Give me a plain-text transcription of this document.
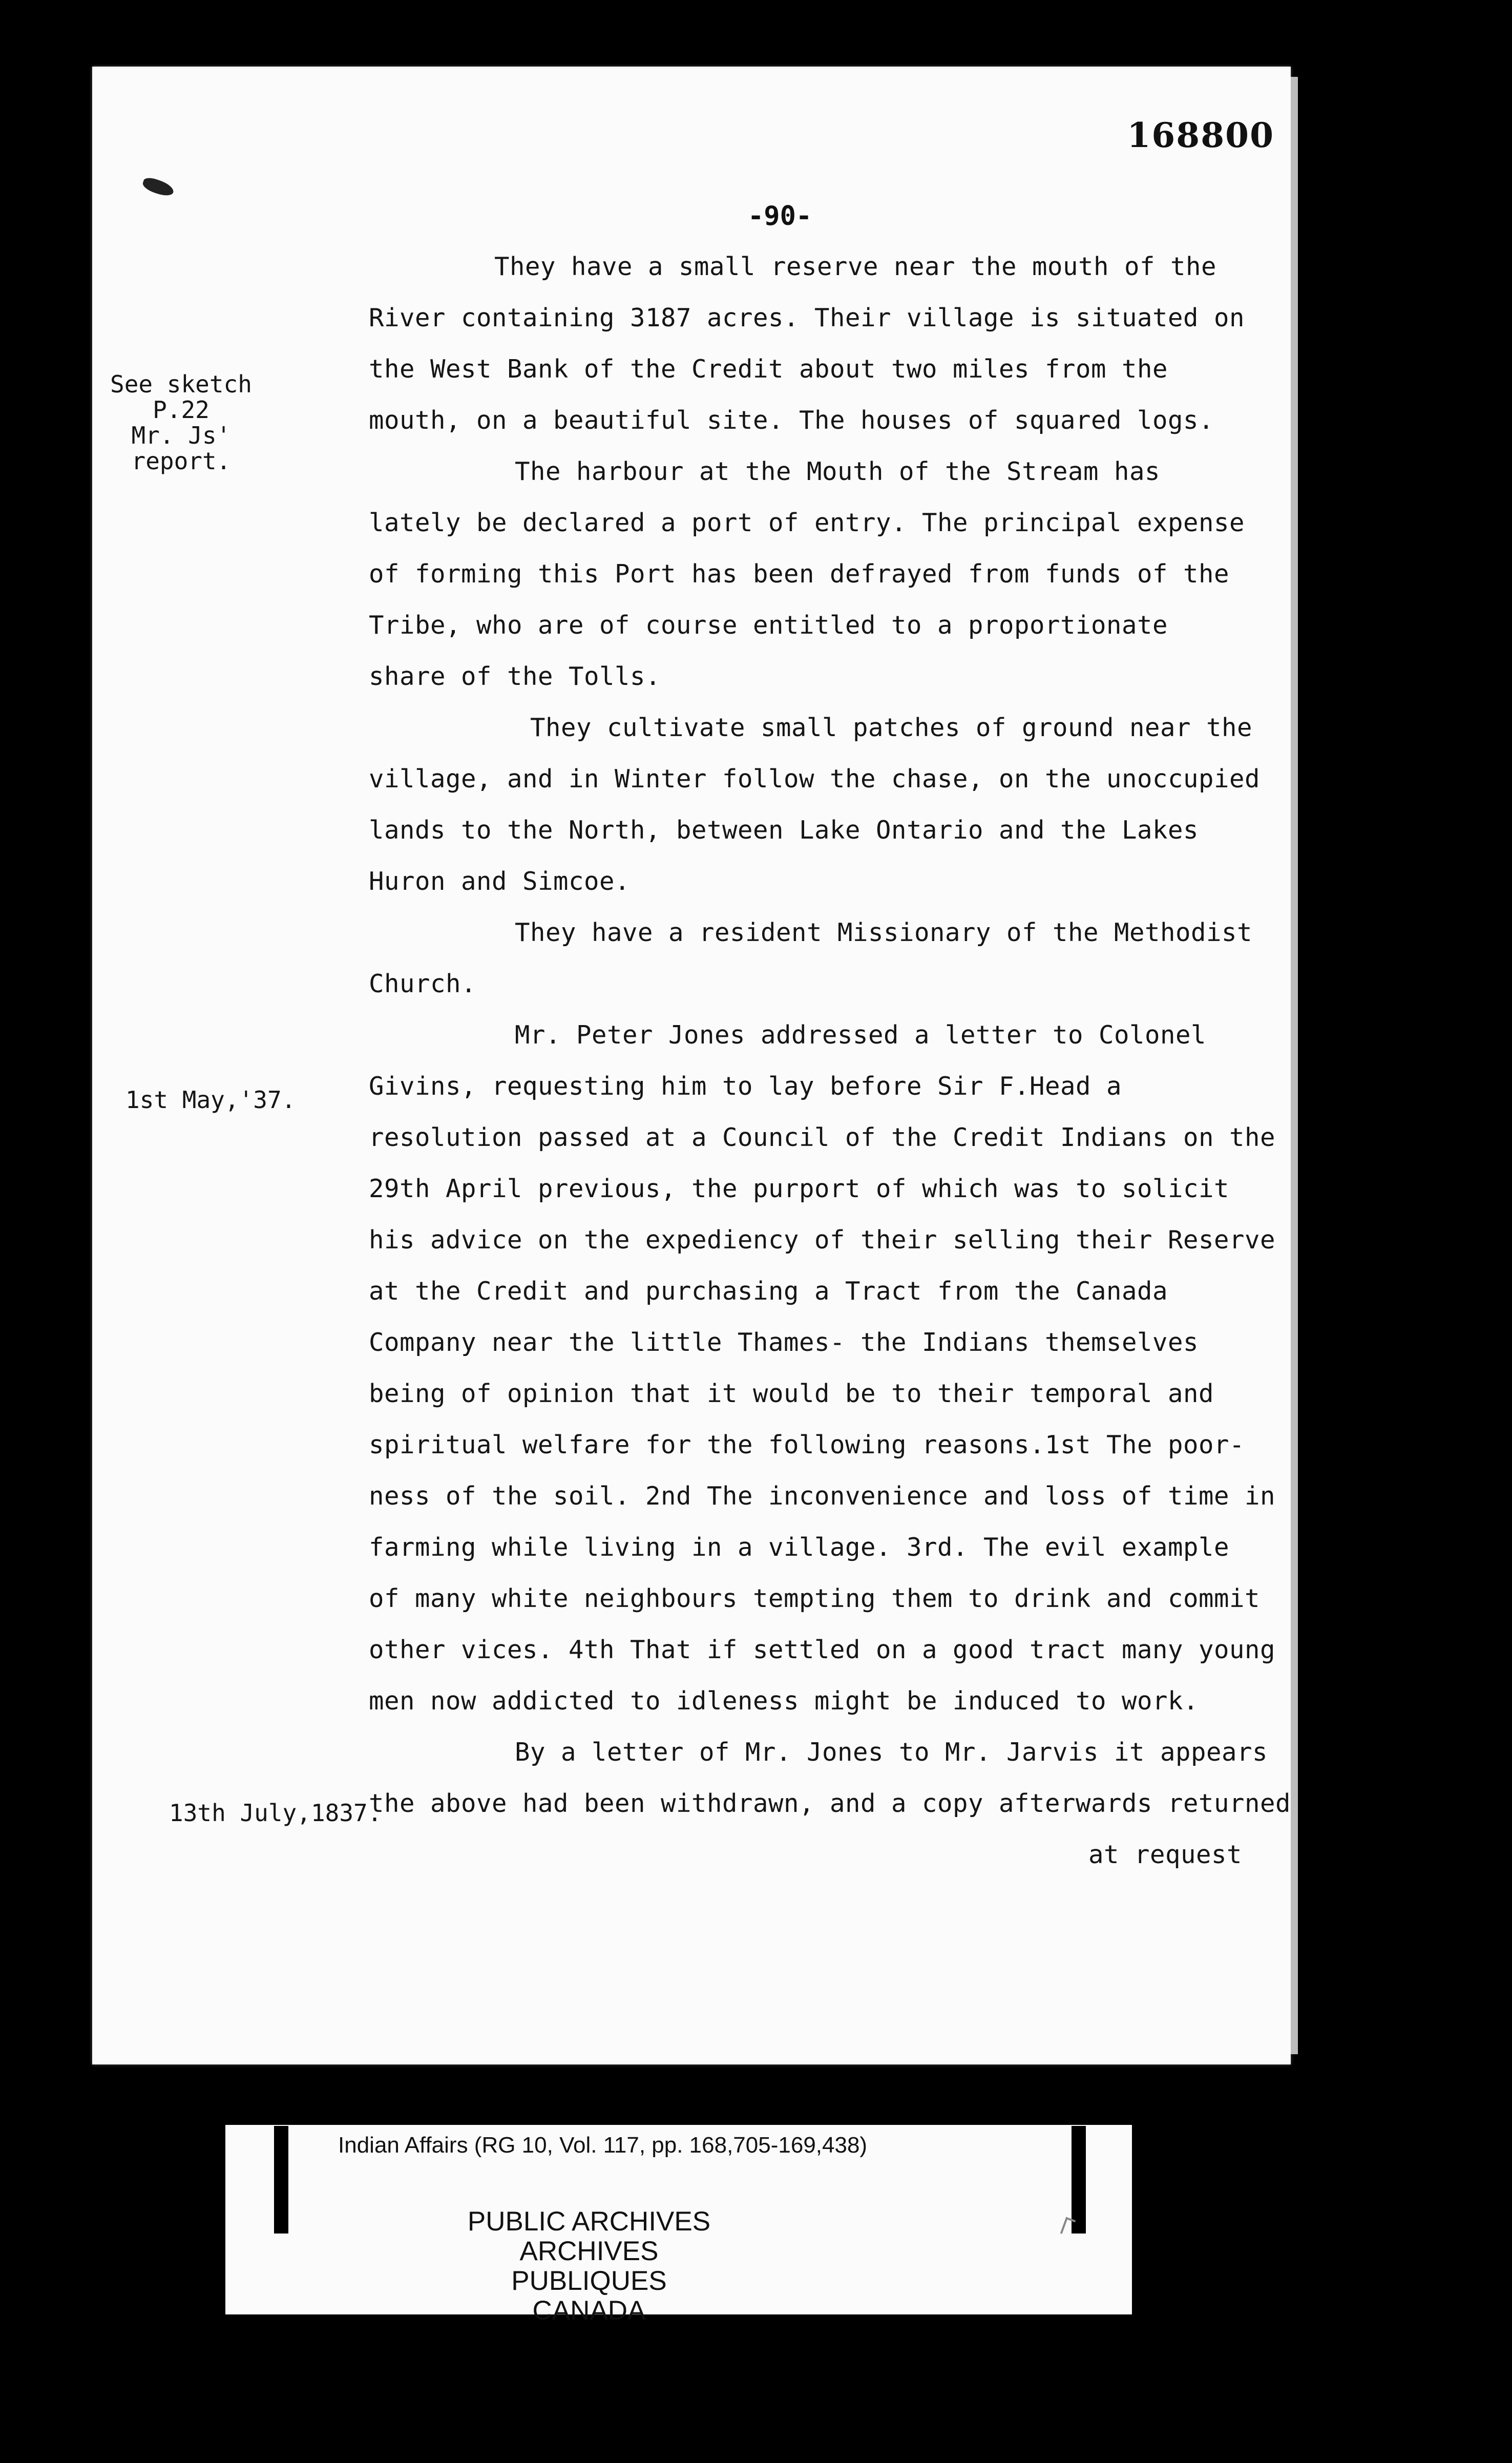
168800
-90-
See sketch
P.22
Mr. Js'
report.
1st May,'37.
13th July,1837.
They have a small reserve near the mouth of the
River containing 3187 acres. Their village is situated on
the West Bank of the Credit about two miles from the
mouth, on a beautiful site. The houses of squared logs.
The harbour at the Mouth of the Stream has
lately be declared a port of entry. The principal expense
of forming this Port has been defrayed from funds of the
Tribe, who are of course entitled to a proportionate
share of the Tolls.
They cultivate small patches of ground near the
village, and in Winter follow the chase, on the unoccupied
lands to the North, between Lake Ontario and the Lakes
Huron and Simcoe.
They have a resident Missionary of the Methodist
Church.
Mr. Peter Jones addressed a letter to Colonel
Givins, requesting him to lay before Sir F.Head a
resolution passed at a Council of the Credit Indians on the
29th April previous, the purport of which was to solicit
his advice on the expediency of their selling their Reserve
at the Credit and purchasing a Tract from the Canada
Company near the little Thames- the Indians themselves
being of opinion that it would be to their temporal and
spiritual welfare for the following reasons.1st The poor-
ness of the soil. 2nd The inconvenience and loss of time in
farming while living in a village. 3rd. The evil example
of many white neighbours tempting them to drink and commit
other vices. 4th That if settled on a good tract many young
men now addicted to idleness might be induced to work.
By a letter of Mr. Jones to Mr. Jarvis it appears
the above had been withdrawn, and a copy afterwards returned
at request
Indian Affairs (RG 10, Vol. 117, pp. 168,705-169,438)
PUBLIC ARCHIVES
ARCHIVES PUBLIQUES
CANADA
